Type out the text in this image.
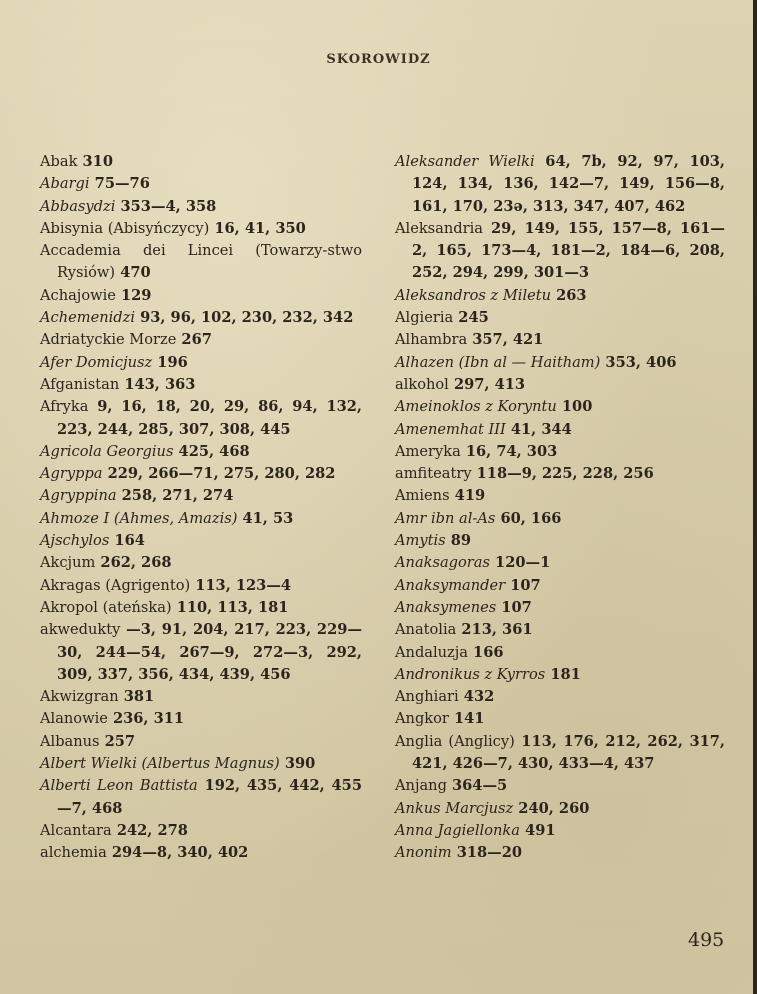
SKOROWIDZ

Abak 310

Abargi 75—76

Abbasydzi 353—4, 358

Abisynia (Abisyńczycy) 16, 41, 350

Accademia dei Lincei (Towarzy-stwo Rysiów) 470

Achajowie 129

Achemenidzi 93, 96, 102, 230, 232, 342

Adriatyckie Morze 267

Afer Domicjusz 196

Afganistan 143, 363

Afryka 9, 16, 18, 20, 29, 86, 94, 132, 223, 244, 285, 307, 308, 445

Agricola Georgius 425, 468

Agryppa 229, 266—71, 275, 280, 282

Agryppina 258, 271, 274

Ahmoze I (Ahmes, Amazis) 41, 53

Ajschylos 164

Akcjum 262, 268

Akragas (Agrigento) 113, 123—4

Akropol (ateńska) 110, 113, 181

akwedukty —3, 91, 204, 217, 223, 229—30, 244—54, 267—9, 272—3, 292, 309, 337, 356, 434, 439, 456

Akwizgran 381

Alanowie 236, 311

Albanus 257

Albert Wielki (Albertus Magnus) 390

Alberti Leon Battista 192, 435, 442, 455—7, 468

Alcantara 242, 278

alchemia 294—8, 340, 402

Aleksander Wielki 64, 7b, 92, 97, 103, 124, 134, 136, 142—7, 149, 156—8, 161, 170, 23ə, 313, 347, 407, 462

Aleksandria 29, 149, 155, 157—8, 161—2, 165, 173—4, 181—2, 184—6, 208, 252, 294, 299, 301—3

Aleksandros z Miletu 263

Algieria 245

Alhambra 357, 421

Alhazen (Ibn al — Haitham) 353, 406

alkohol 297, 413

Ameinoklos z Koryntu 100

Amenemhat III 41, 344

Ameryka 16, 74, 303

amfiteatry 118—9, 225, 228, 256

Amiens 419

Amr ibn al-As 60, 166

Amytis 89

Anaksagoras 120—1

Anaksymander 107

Anaksymenes 107

Anatolia 213, 361

Andaluzja 166

Andronikus z Kyrros 181

Anghiari 432

Angkor 141

Anglia (Anglicy) 113, 176, 212, 262, 317, 421, 426—7, 430, 433—4, 437

Anjang 364—5

Ankus Marcjusz 240, 260

Anna Jagiellonka 491

Anonim 318—20

495
